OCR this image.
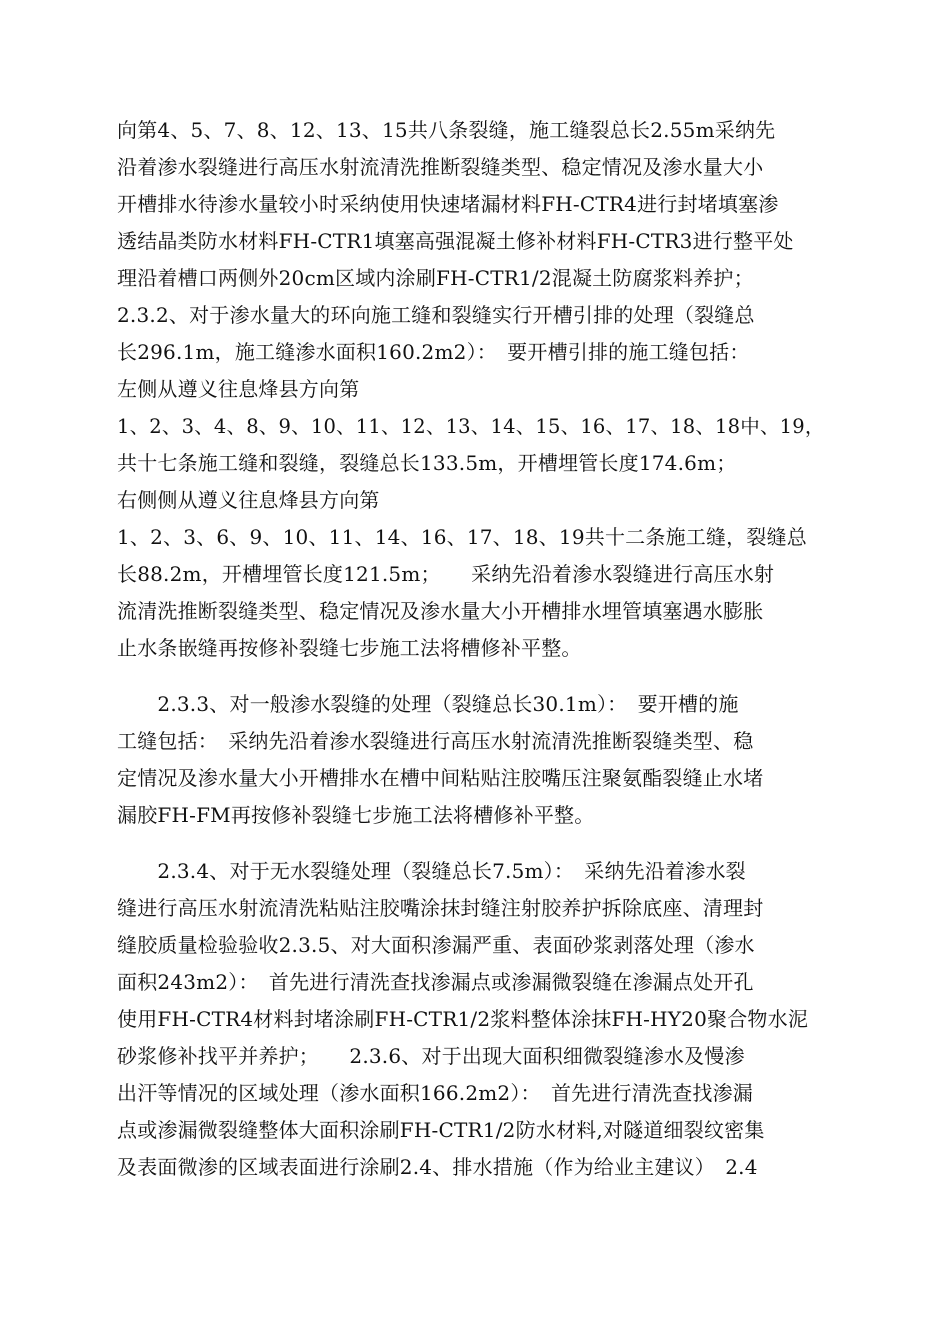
向第4、5、7、8、12、13、15共八条裂缝，施工缝裂总长2.55m采纳先
沿着渗水裂缝进行高压水射流清洗推断裂缝类型、稳定情况及渗水量大小
开槽排水待渗水量较小时采纳使用快速堵漏材料FH-CTR4进行封堵填塞渗
透结晶类防水材料FH-CTR1填塞高强混凝土修补材料FH-CTR3进行整平处
理沿着槽口两侧外20cm区域内涂刷FH-CTR1/2混凝土防腐浆料养护；
2.3.2、对于渗水量大的环向施工缝和裂缝实行开槽引排的处理（裂缝总
长296.1m，施工缝渗水面积160.2m2）：　要开槽引排的施工缝包括：
左侧从遵义往息烽县方向第
1、2、3、4、8、9、10、11、12、13、14、15、16、17、18、18中、19，
共十七条施工缝和裂缝，裂缝总长133.5m，开槽埋管长度174.6m；
右侧侧从遵义往息烽县方向第
1、2、3、6、9、10、11、14、16、17、18、19共十二条施工缝，裂缝总
长88.2m，开槽埋管长度121.5m；　　采纳先沿着渗水裂缝进行高压水射
流清洗推断裂缝类型、稳定情况及渗水量大小开槽排水埋管填塞遇水膨胀
止水条嵌缝再按修补裂缝七步施工法将槽修补平整。
　　2.3.3、对一般渗水裂缝的处理（裂缝总长30.1m）：　要开槽的施
工缝包括：　采纳先沿着渗水裂缝进行高压水射流清洗推断裂缝类型、稳
定情况及渗水量大小开槽排水在槽中间粘贴注胶嘴压注聚氨酯裂缝止水堵
漏胶FH-FM再按修补裂缝七步施工法将槽修补平整。
　　2.3.4、对于无水裂缝处理（裂缝总长7.5m）：　采纳先沿着渗水裂
缝进行高压水射流清洗粘贴注胶嘴涂抹封缝注射胶养护拆除底座、清理封
缝胶质量检验验收2.3.5、对大面积渗漏严重、表面砂浆剥落处理（渗水
面积243m2）：　首先进行清洗查找渗漏点或渗漏微裂缝在渗漏点处开孔
使用FH-CTR4材料封堵涂刷FH-CTR1/2浆料整体涂抹FH-HY20聚合物水泥
砂浆修补找平并养护；　　2.3.6、对于出现大面积细微裂缝渗水及慢渗
出汗等情况的区域处理（渗水面积166.2m2）：　首先进行清洗查找渗漏
点或渗漏微裂缝整体大面积涂刷FH-CTR1/2防水材料,对隧道细裂纹密集
及表面微渗的区域表面进行涂刷2.4、排水措施（作为给业主建议）　2.4
